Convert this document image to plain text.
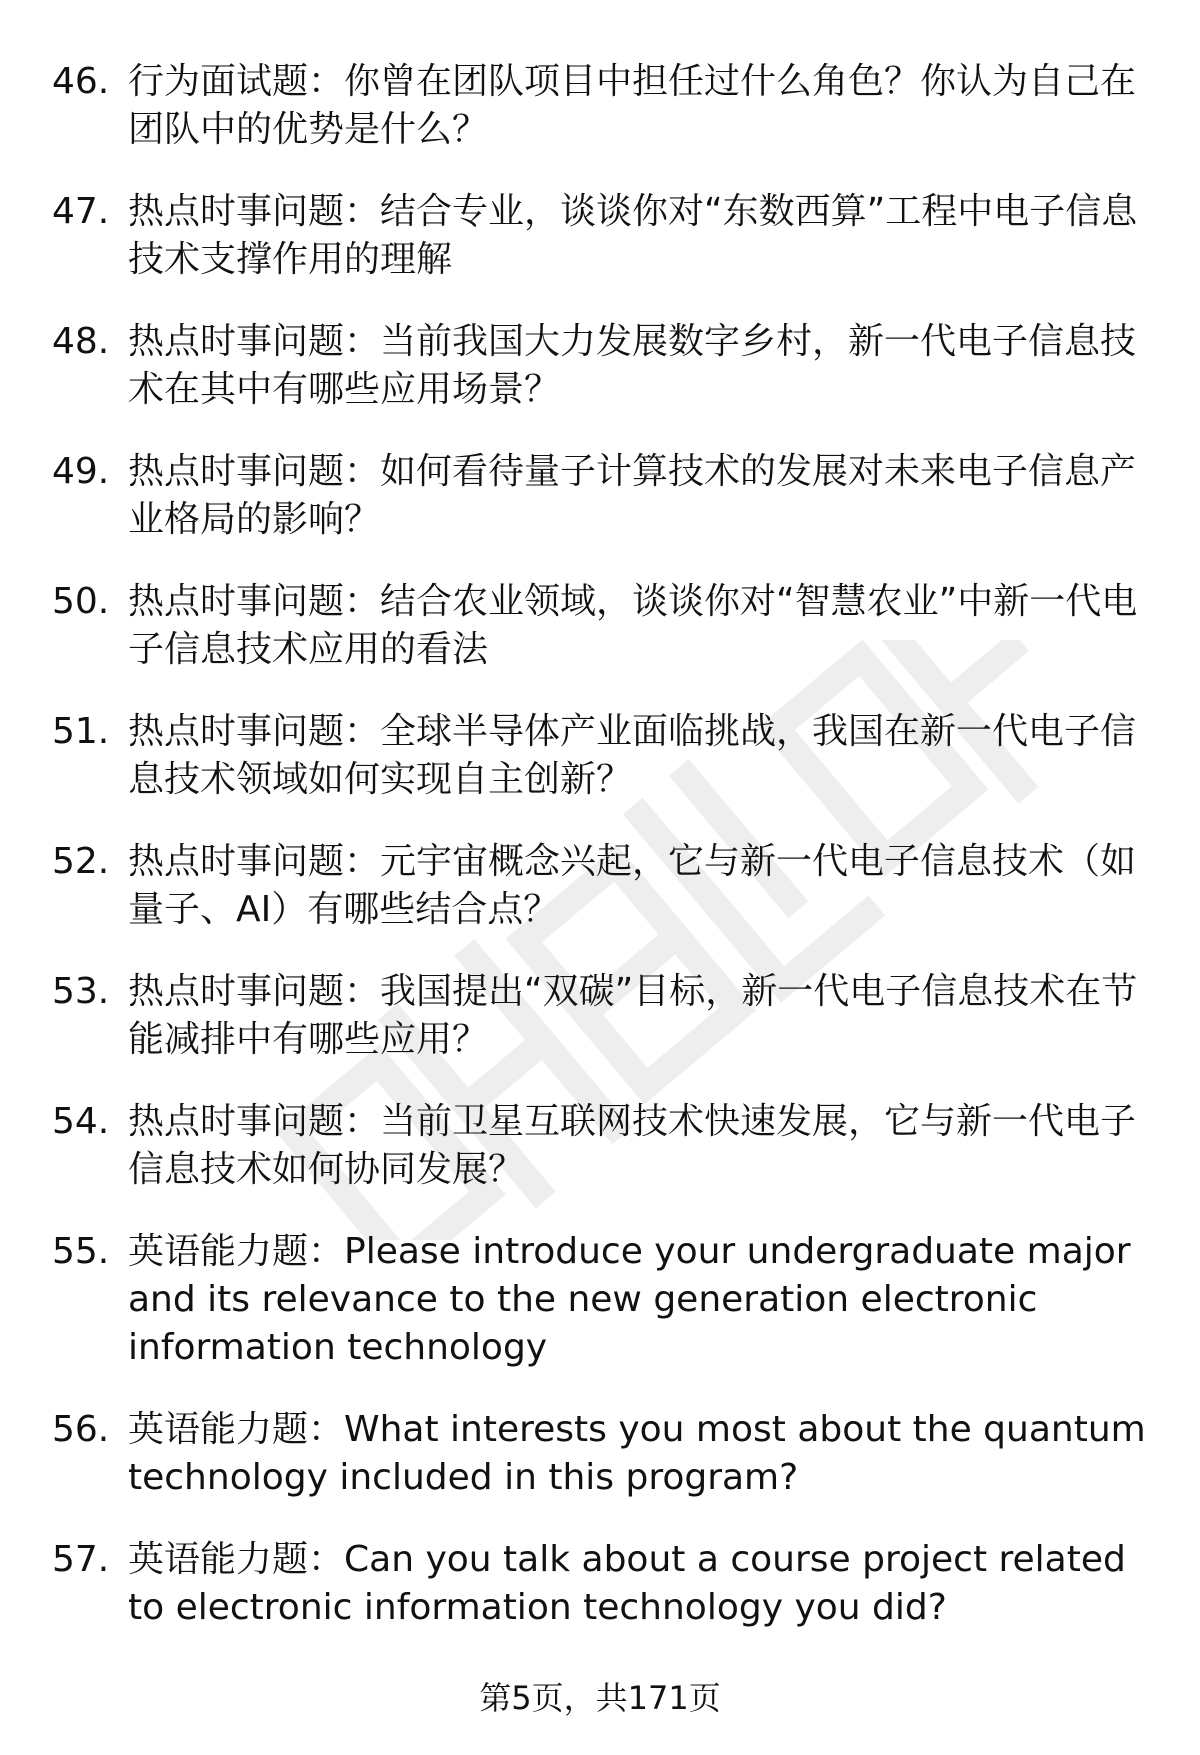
46. 行为面试题：你曾在团队项目中担任过什么角色？你认为自己在团队中的优势是什么？
47. 热点时事问题：结合专业，谈谈你对“东数西算”工程中电子信息技术支撑作用的理解
48. 热点时事问题：当前我国大力发展数字乡村，新一代电子信息技术在其中有哪些应用场景？
49. 热点时事问题：如何看待量子计算技术的发展对未来电子信息产业格局的影响？
50. 热点时事问题：结合农业领域，谈谈你对“智慧农业”中新一代电子信息技术应用的看法
51. 热点时事问题：全球半导体产业面临挑战，我国在新一代电子信息技术领域如何实现自主创新？
52. 热点时事问题：元宇宙概念兴起，它与新一代电子信息技术（如量子、AI）有哪些结合点？
53. 热点时事问题：我国提出“双碳”目标，新一代电子信息技术在节能减排中有哪些应用？
54. 热点时事问题：当前卫星互联网技术快速发展，它与新一代电子信息技术如何协同发展？
55. 英语能力题：Please introduce your undergraduate major and its relevance to the new generation electronic information technology
56. 英语能力题：What interests you most about the quantum technology included in this program?
57. 英语能力题：Can you talk about a course project related to electronic information technology you did?
第5页，共171页
